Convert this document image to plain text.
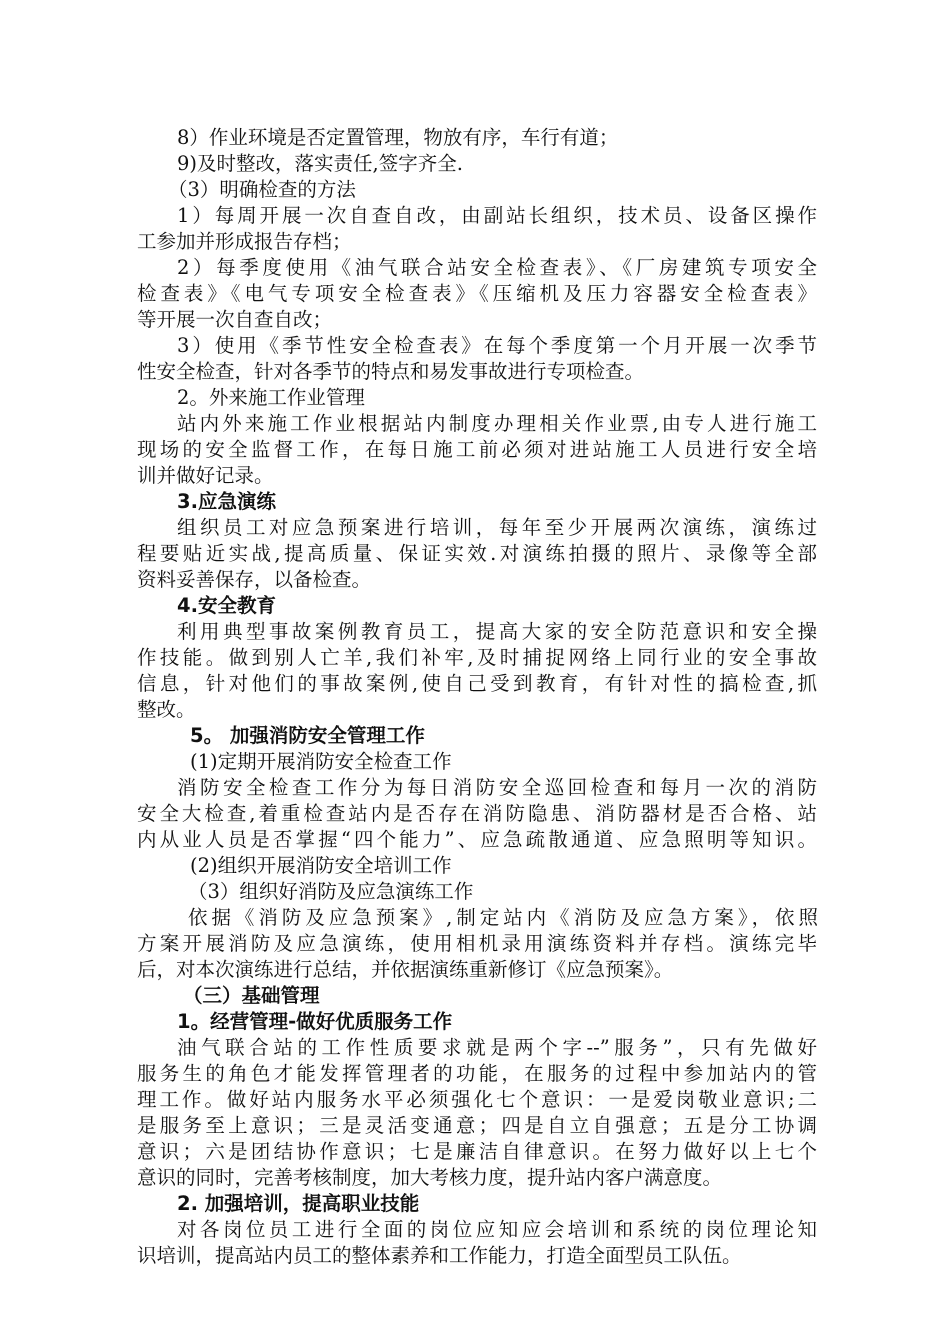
8）作业环境是否定置管理，物放有序，车行有道；
9)及时整改，落实责任,签字齐全.
（3）明确检查的方法
1）每周开展一次自查自改，由副站长组织，技术员、设备区操作
工参加并形成报告存档；
2）每季度使用《油气联合站安全检查表》、《厂房建筑专项安全
检查表》《电气专项安全检查表》《压缩机及压力容器安全检查表》
等开展一次自查自改；
3）使用《季节性安全检查表》在每个季度第一个月开展一次季节
性安全检查，针对各季节的特点和易发事故进行专项检查。
2。外来施工作业管理
站内外来施工作业根据站内制度办理相关作业票,由专人进行施工
现场的安全监督工作，在每日施工前必须对进站施工人员进行安全培
训并做好记录。
3.应急演练
组织员工对应急预案进行培训，每年至少开展两次演练，演练过
程要贴近实战,提高质量、保证实效.对演练拍摄的照片、录像等全部
资料妥善保存，以备检查。
4.安全教育
利用典型事故案例教育员工，提高大家的安全防范意识和安全操
作技能。做到别人亡羊,我们补牢,及时捕捉网络上同行业的安全事故
信息，针对他们的事故案例,使自己受到教育，有针对性的搞检查,抓
整改。
5。 加强消防安全管理工作
(1)定期开展消防安全检查工作
消防安全检查工作分为每日消防安全巡回检查和每月一次的消防
安全大检查,着重检查站内是否存在消防隐患、消防器材是否合格、站
内从业人员是否掌握“四个能力”、应急疏散通道、应急照明等知识。
(2)组织开展消防安全培训工作
（3）组织好消防及应急演练工作
依据《消防及应急预案》,制定站内《消防及应急方案》，依照
方案开展消防及应急演练，使用相机录用演练资料并存档。演练完毕
后，对本次演练进行总结，并依据演练重新修订《应急预案》。
（三）基础管理
1。经营管理-做好优质服务工作
油气联合站的工作性质要求就是两个字--”服务”，只有先做好
服务生的角色才能发挥管理者的功能，在服务的过程中参加站内的管
理工作。做好站内服务水平必须强化七个意识：一是爱岗敬业意识;二
是服务至上意识；三是灵活变通意；四是自立自强意；五是分工协调
意识；六是团结协作意识；七是廉洁自律意识。在努力做好以上七个
意识的同时，完善考核制度，加大考核力度，提升站内客户满意度。
2. 加强培训，提高职业技能
对各岗位员工进行全面的岗位应知应会培训和系统的岗位理论知
识培训，提高站内员工的整体素养和工作能力，打造全面型员工队伍。
